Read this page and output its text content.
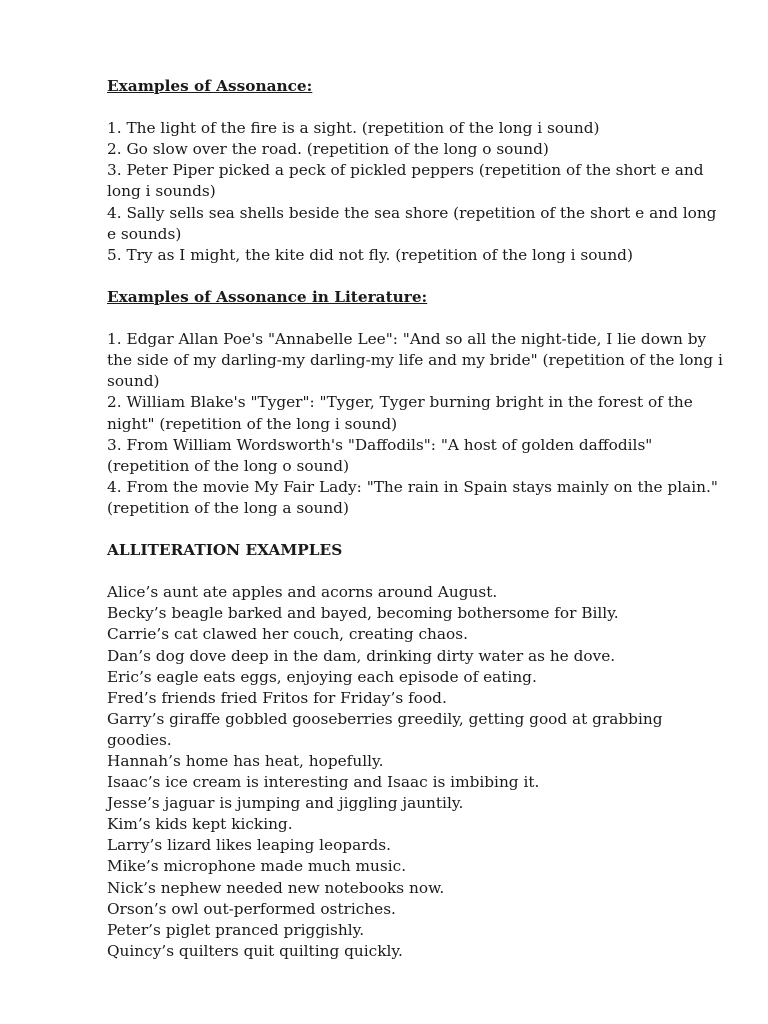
Examples of Assonance:

1. The light of the fire is a sight. (repetition of the long i sound)

2. Go slow over the road. (repetition of the long o sound)

3. Peter Piper picked a peck of pickled peppers (repetition of the short e and long i sounds)

4. Sally sells sea shells beside the sea shore (repetition of the short e and long e sounds)

5. Try as I might, the kite did not fly. (repetition of the long i sound)

Examples of Assonance in Literature:

1. Edgar Allan Poe's "Annabelle Lee": "And so all the night-tide, I lie down by the side of my darling-my darling-my life and my bride" (repetition of the long i sound)

2. William Blake's "Tyger": "Tyger, Tyger burning bright in the forest of the night" (repetition of the long i sound)

3. From William Wordsworth's "Daffodils": "A host of golden daffodils" (repetition of the long o sound)

4. From the movie My Fair Lady: "The rain in Spain stays mainly on the plain." (repetition of the long a sound)

ALLITERATION EXAMPLES

Alice’s aunt ate apples and acorns around August.

Becky’s beagle barked and bayed, becoming bothersome for Billy.

Carrie’s cat clawed her couch, creating chaos.

Dan’s dog dove deep in the dam, drinking dirty water as he dove.

Eric’s eagle eats eggs, enjoying each episode of eating.

Fred’s friends fried Fritos for Friday’s food.

Garry’s giraffe gobbled gooseberries greedily, getting good at grabbing goodies.

Hannah’s home has heat, hopefully.

Isaac’s ice cream is interesting and Isaac is imbibing it.

Jesse’s jaguar is jumping and jiggling jauntily.

Kim’s kids kept kicking.

Larry’s lizard likes leaping leopards.

Mike’s microphone made much music.

Nick’s nephew needed new notebooks now.

Orson’s owl out-performed ostriches.

Peter’s piglet pranced priggishly.

Quincy’s quilters quit quilting quickly.
